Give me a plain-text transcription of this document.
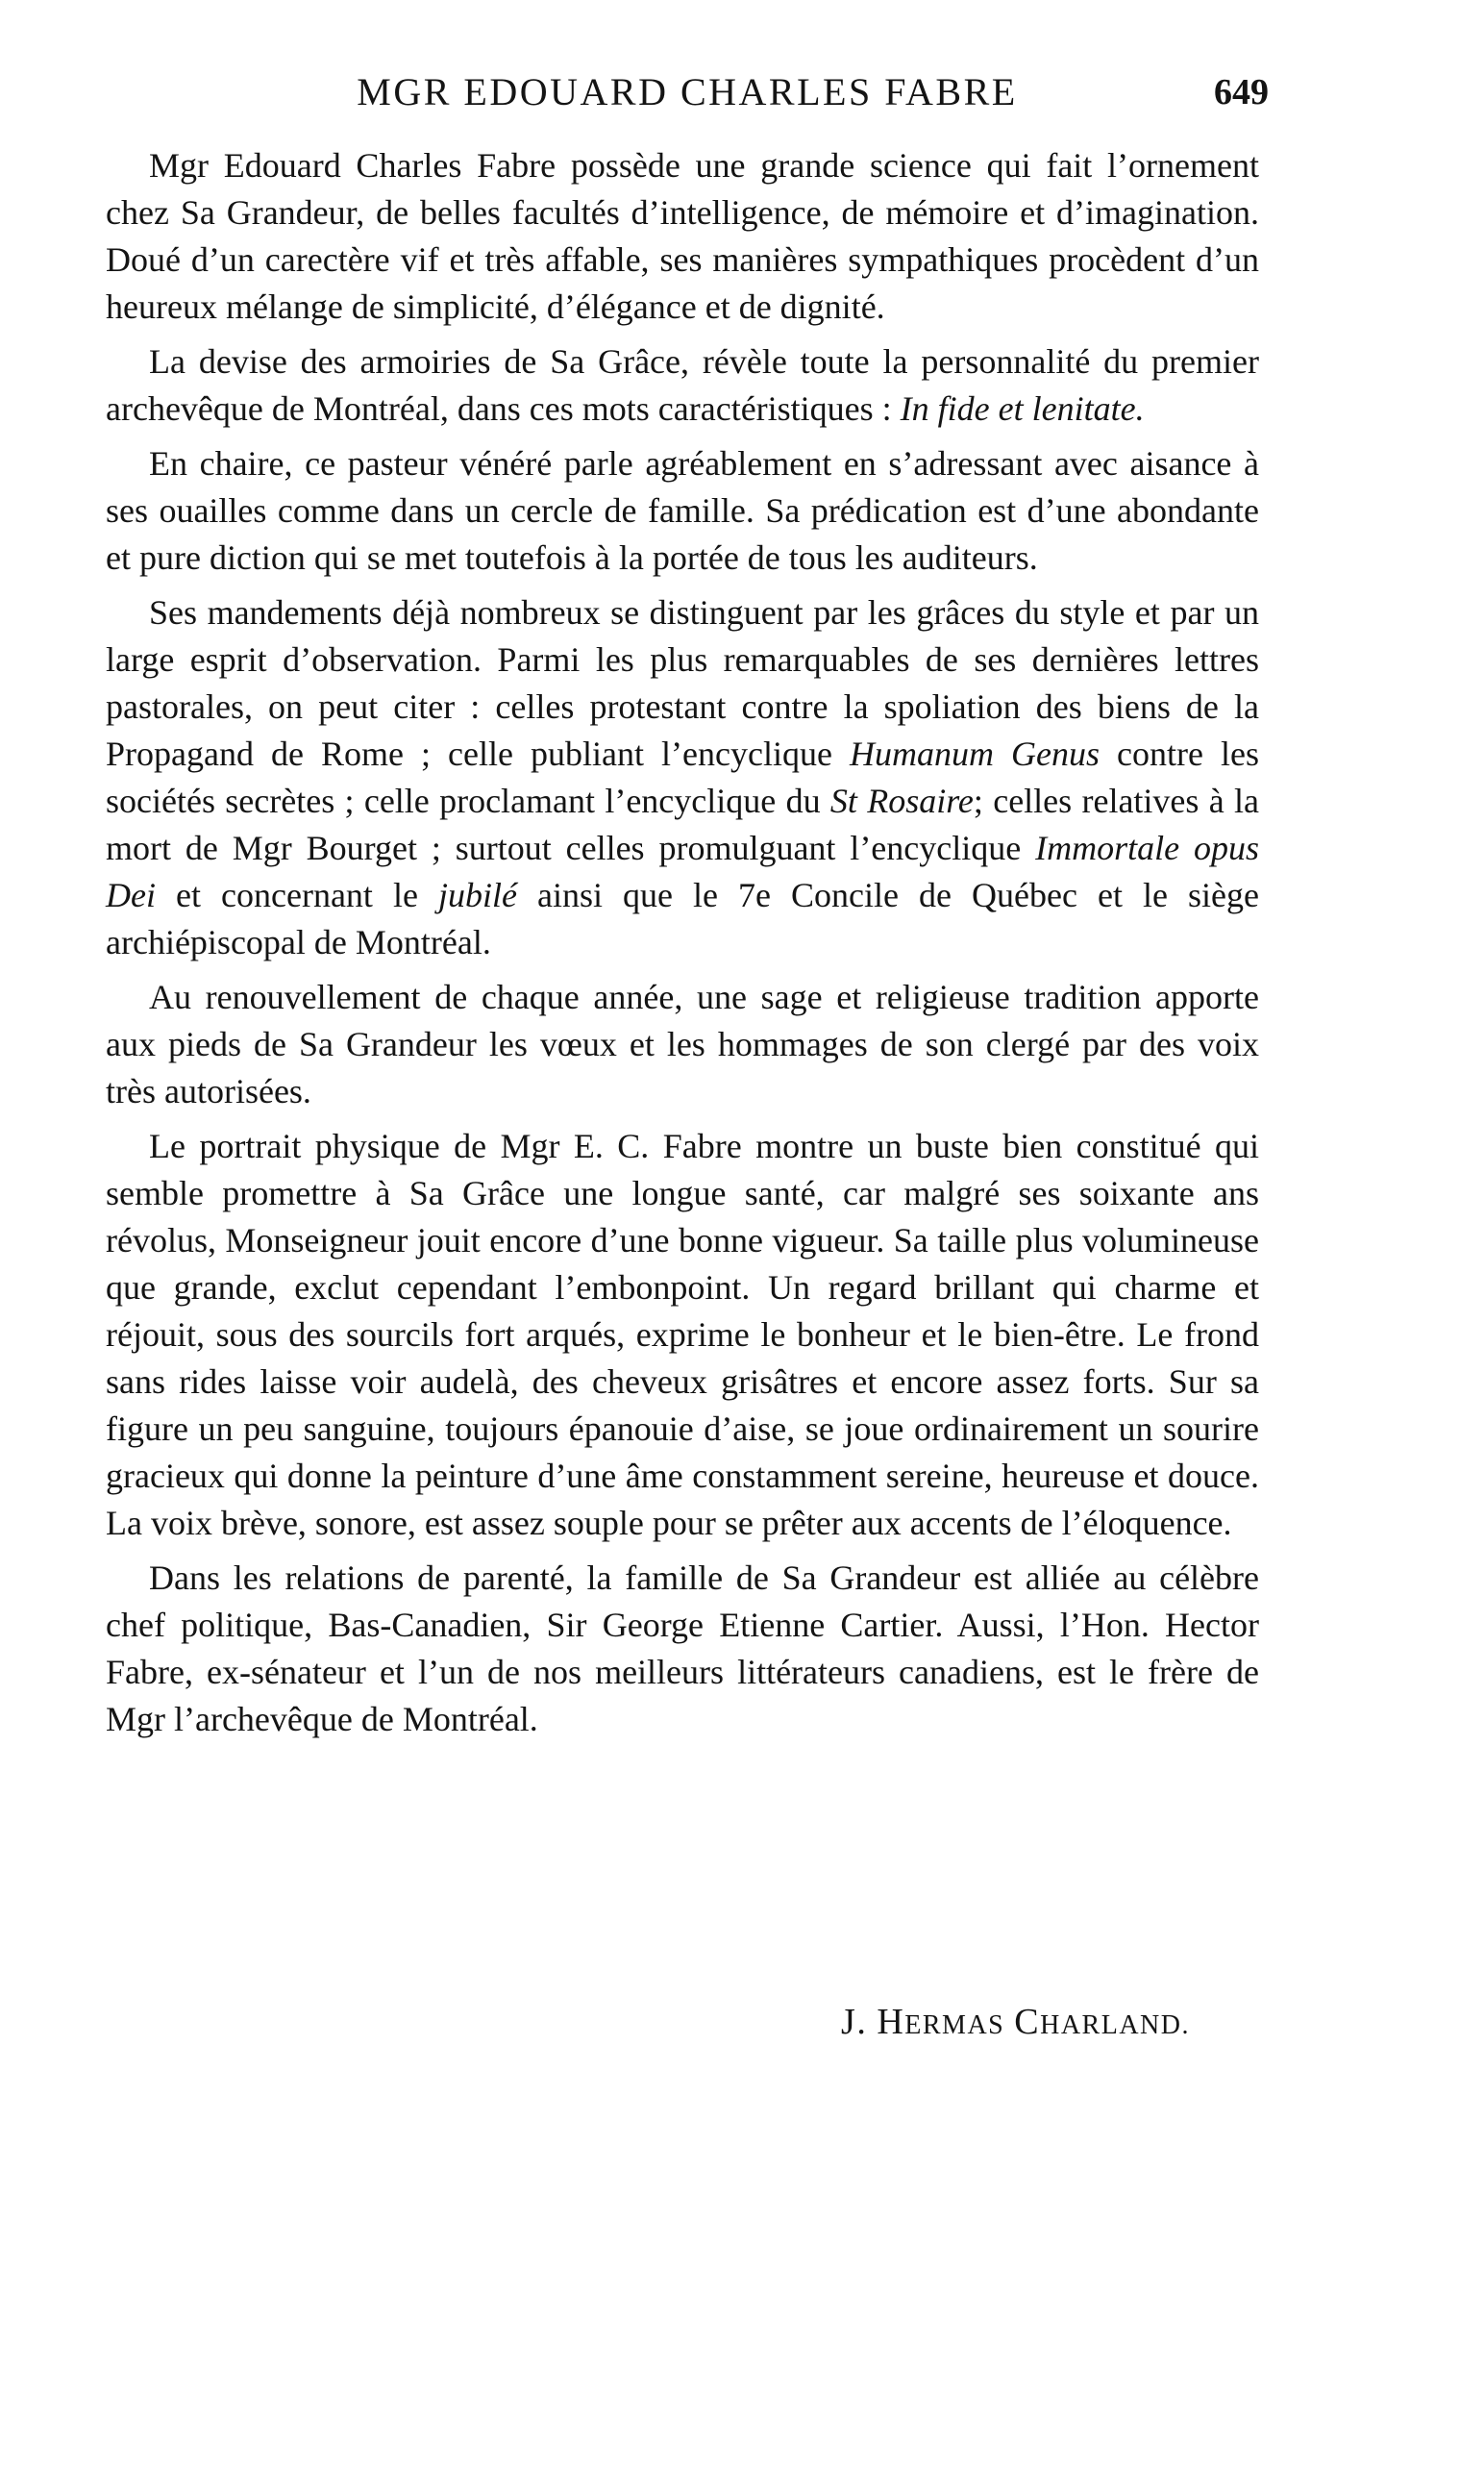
MGR EDOUARD CHARLES FABRE	649

Mgr Edouard Charles Fabre possède une grande science qui fait l’ornement chez Sa Grandeur, de belles facultés d’intelligence, de mémoire et d’imagination. Doué d’un carectère vif et très affable, ses manières sympathiques procèdent d’un heureux mélange de simplicité, d’élégance et de dignité.

La devise des armoiries de Sa Grâce, révèle toute la personnalité du premier archevêque de Montréal, dans ces mots caractéristiques : In fide et lenitate.

En chaire, ce pasteur vénéré parle agréablement en s’adressant avec aisance à ses ouailles comme dans un cercle de famille. Sa prédication est d’une abondante et pure diction qui se met toutefois à la portée de tous les auditeurs.

Ses mandements déjà nombreux se distinguent par les grâces du style et par un large esprit d’observation. Parmi les plus remarquables de ses dernières lettres pastorales, on peut citer : celles protestant contre la spoliation des biens de la Propagand de Rome ; celle publiant l’encyclique Humanum Genus contre les sociétés secrètes ; celle proclamant l’encyclique du St Rosaire; celles relatives à la mort de Mgr Bourget ; surtout celles promulguant l’encyclique Immortale opus Dei et concernant le jubilé ainsi que le 7e Concile de Québec et le siège archiépiscopal de Montréal.

Au renouvellement de chaque année, une sage et religieuse tradition apporte aux pieds de Sa Grandeur les vœux et les hommages de son clergé par des voix très autorisées.

Le portrait physique de Mgr E. C. Fabre montre un buste bien constitué qui semble promettre à Sa Grâce une longue santé, car malgré ses soixante ans révolus, Monseigneur jouit encore d’une bonne vigueur. Sa taille plus volumineuse que grande, exclut cependant l’embonpoint. Un regard brillant qui charme et réjouit, sous des sourcils fort arqués, exprime le bonheur et le bien-être. Le frond sans rides laisse voir audelà, des cheveux grisâtres et encore assez forts. Sur sa figure un peu sanguine, toujours épanouie d’aise, se joue ordinairement un sourire gracieux qui donne la peinture d’une âme constamment sereine, heureuse et douce. La voix brève, sonore, est assez souple pour se prêter aux accents de l’éloquence.

Dans les relations de parenté, la famille de Sa Grandeur est alliée au célèbre chef politique, Bas-Canadien, Sir George Etienne Cartier. Aussi, l’Hon. Hector Fabre, ex-sénateur et l’un de nos meilleurs littérateurs canadiens, est le frère de Mgr l’archevêque de Montréal.

J. HERMAS CHARLAND.
